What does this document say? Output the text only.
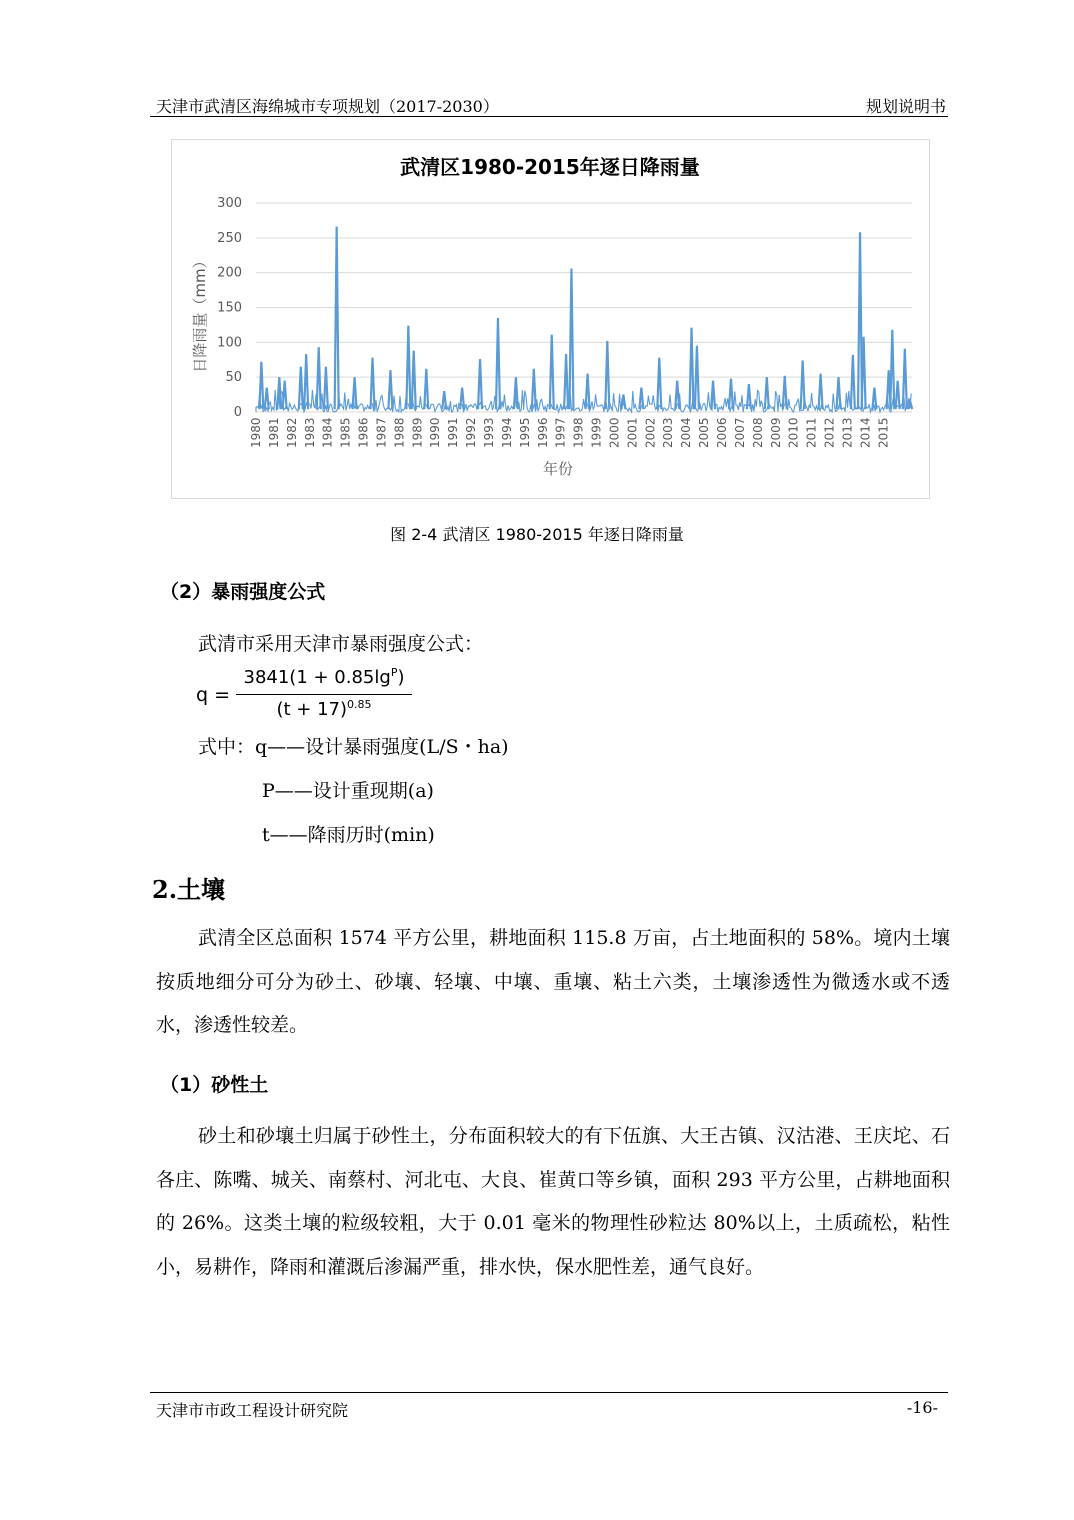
天津市武清区海绵城市专项规划（2017-2030）	规划说明书
武清区1980-2015年逐日降雨量
0
50
100
150
200
250
300
1980 1981 1982 1983 1984 1985 1986 1987 1988 1989 1990 1991 1992 1993 1994 1995 1996 1997 1998 1999 2000 2001 2002 2003 2004 2005 2006 2007 2008 2009 2010 2011 2012 2013 2014 2015
年份
日降雨量（mm）
图 2-4 武清区 1980-2015 年逐日降雨量
（2）暴雨强度公式
武清市采用天津市暴雨强度公式：
q =
$3841(1 + 0.85\lg^P)$
$(t + 17)^{0.85}$
式中：q——设计暴雨强度(L/S・ha)
P——设计重现期(a)
t——降雨历时(min)
2.土壤
武清全区总面积 1574 平方公里，耕地面积 115.8 万亩，占土地面积的 58%。境内土壤按质地细分可分为砂土、砂壤、轻壤、中壤、重壤、粘土六类，土壤渗透性为微透水或不透水，渗透性较差。
（1）砂性土
砂土和砂壤土归属于砂性土，分布面积较大的有下伍旗、大王古镇、汉沽港、王庆坨、石各庄、陈嘴、城关、南蔡村、河北屯、大良、崔黄口等乡镇，面积 293 平方公里，占耕地面积的 26%。这类土壤的粒级较粗，大于 0.01 毫米的物理性砂粒达 80%以上，土质疏松，粘性小，易耕作，降雨和灌溉后渗漏严重，排水快，保水肥性差，通气良好。
天津市市政工程设计研究院	-16-
